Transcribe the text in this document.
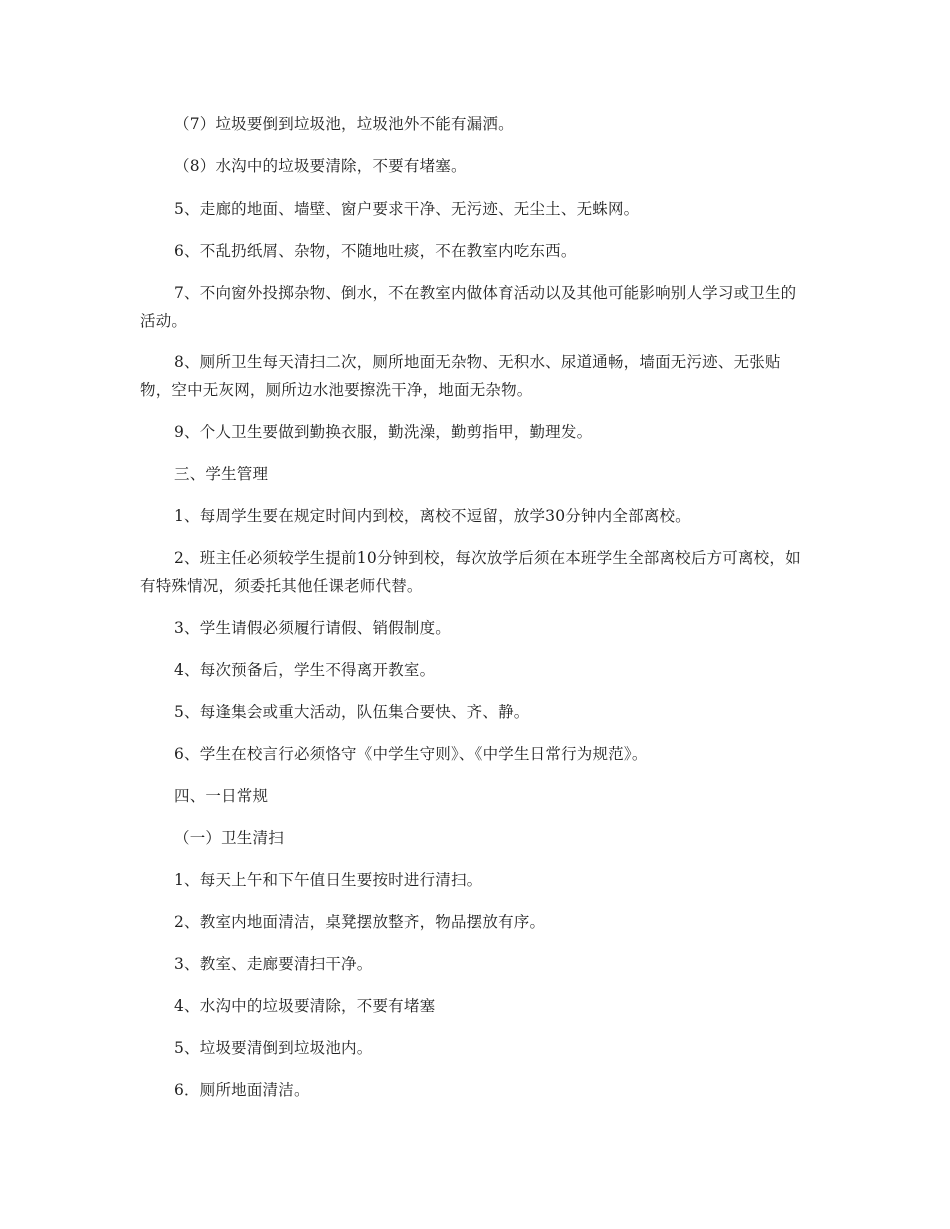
（7）垃圾要倒到垃圾池，垃圾池外不能有漏洒。

（8）水沟中的垃圾要清除，不要有堵塞。

5、走廊的地面、墙壁、窗户要求干净、无污迹、无尘土、无蛛网。

6、不乱扔纸屑、杂物，不随地吐痰，不在教室内吃东西。

7、不向窗外投掷杂物、倒水，不在教室内做体育活动以及其他可能影响别人学习或卫生的活动。

8、厕所卫生每天清扫二次，厕所地面无杂物、无积水、尿道通畅，墙面无污迹、无张贴物，空中无灰网，厕所边水池要擦洗干净，地面无杂物。

9、个人卫生要做到勤换衣服，勤洗澡，勤剪指甲，勤理发。

三、学生管理

1、每周学生要在规定时间内到校，离校不逗留，放学30分钟内全部离校。

2、班主任必须较学生提前10分钟到校，每次放学后须在本班学生全部离校后方可离校，如有特殊情况，须委托其他任课老师代替。

3、学生请假必须履行请假、销假制度。

4、每次预备后，学生不得离开教室。

5、每逢集会或重大活动，队伍集合要快、齐、静。

6、学生在校言行必须恪守《中学生守则》、《中学生日常行为规范》。

四、一日常规

（一）卫生清扫

1、每天上午和下午值日生要按时进行清扫。

2、教室内地面清洁，桌凳摆放整齐，物品摆放有序。

3、教室、走廊要清扫干净。

4、水沟中的垃圾要清除，不要有堵塞

5、垃圾要清倒到垃圾池内。

6．厕所地面清洁。
